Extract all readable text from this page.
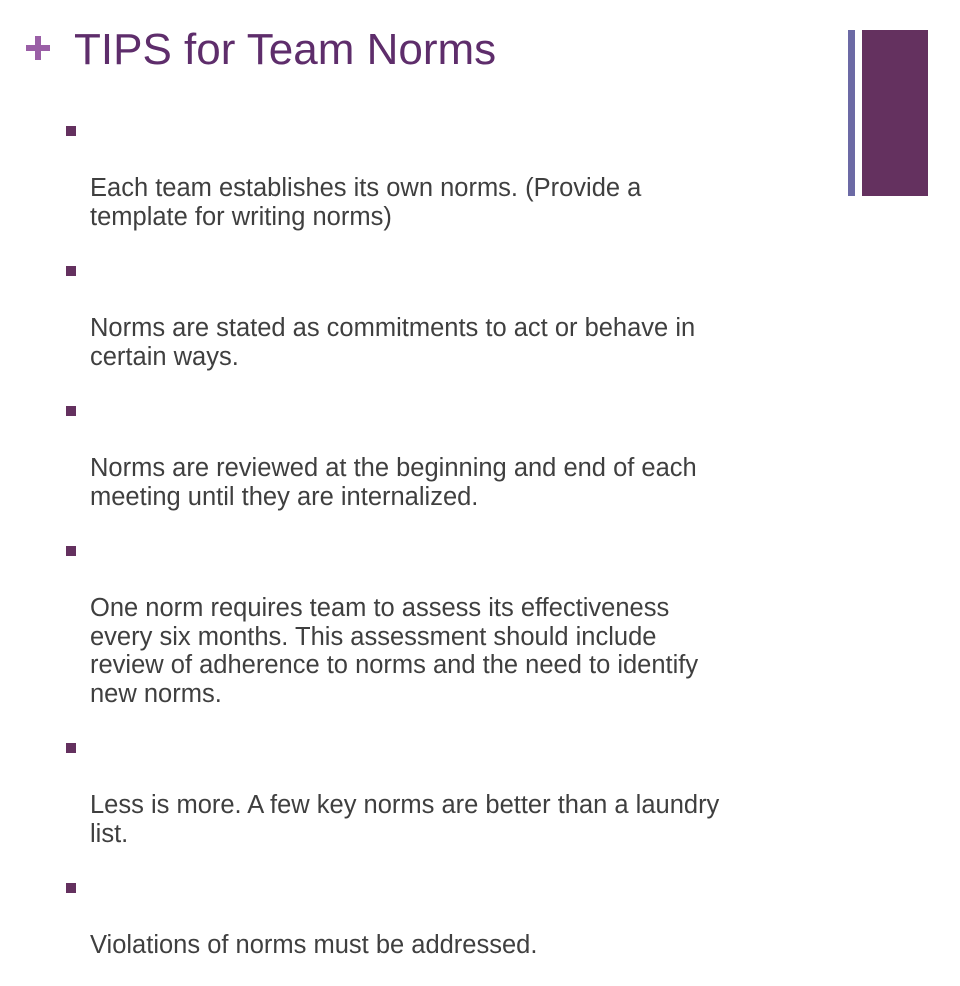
TIPS for Team Norms

Each team establishes its own norms. (Provide a
template for writing norms)

Norms are stated as commitments to act or behave in
certain ways.

Norms are reviewed at the beginning and end of each
meeting until they are internalized.

One norm requires team to assess its effectiveness
every six months. This assessment should include
review of adherence to norms and the need to identify
new norms.

Less is more. A few key norms are better than a laundry
list.

Violations of norms must be addressed.
